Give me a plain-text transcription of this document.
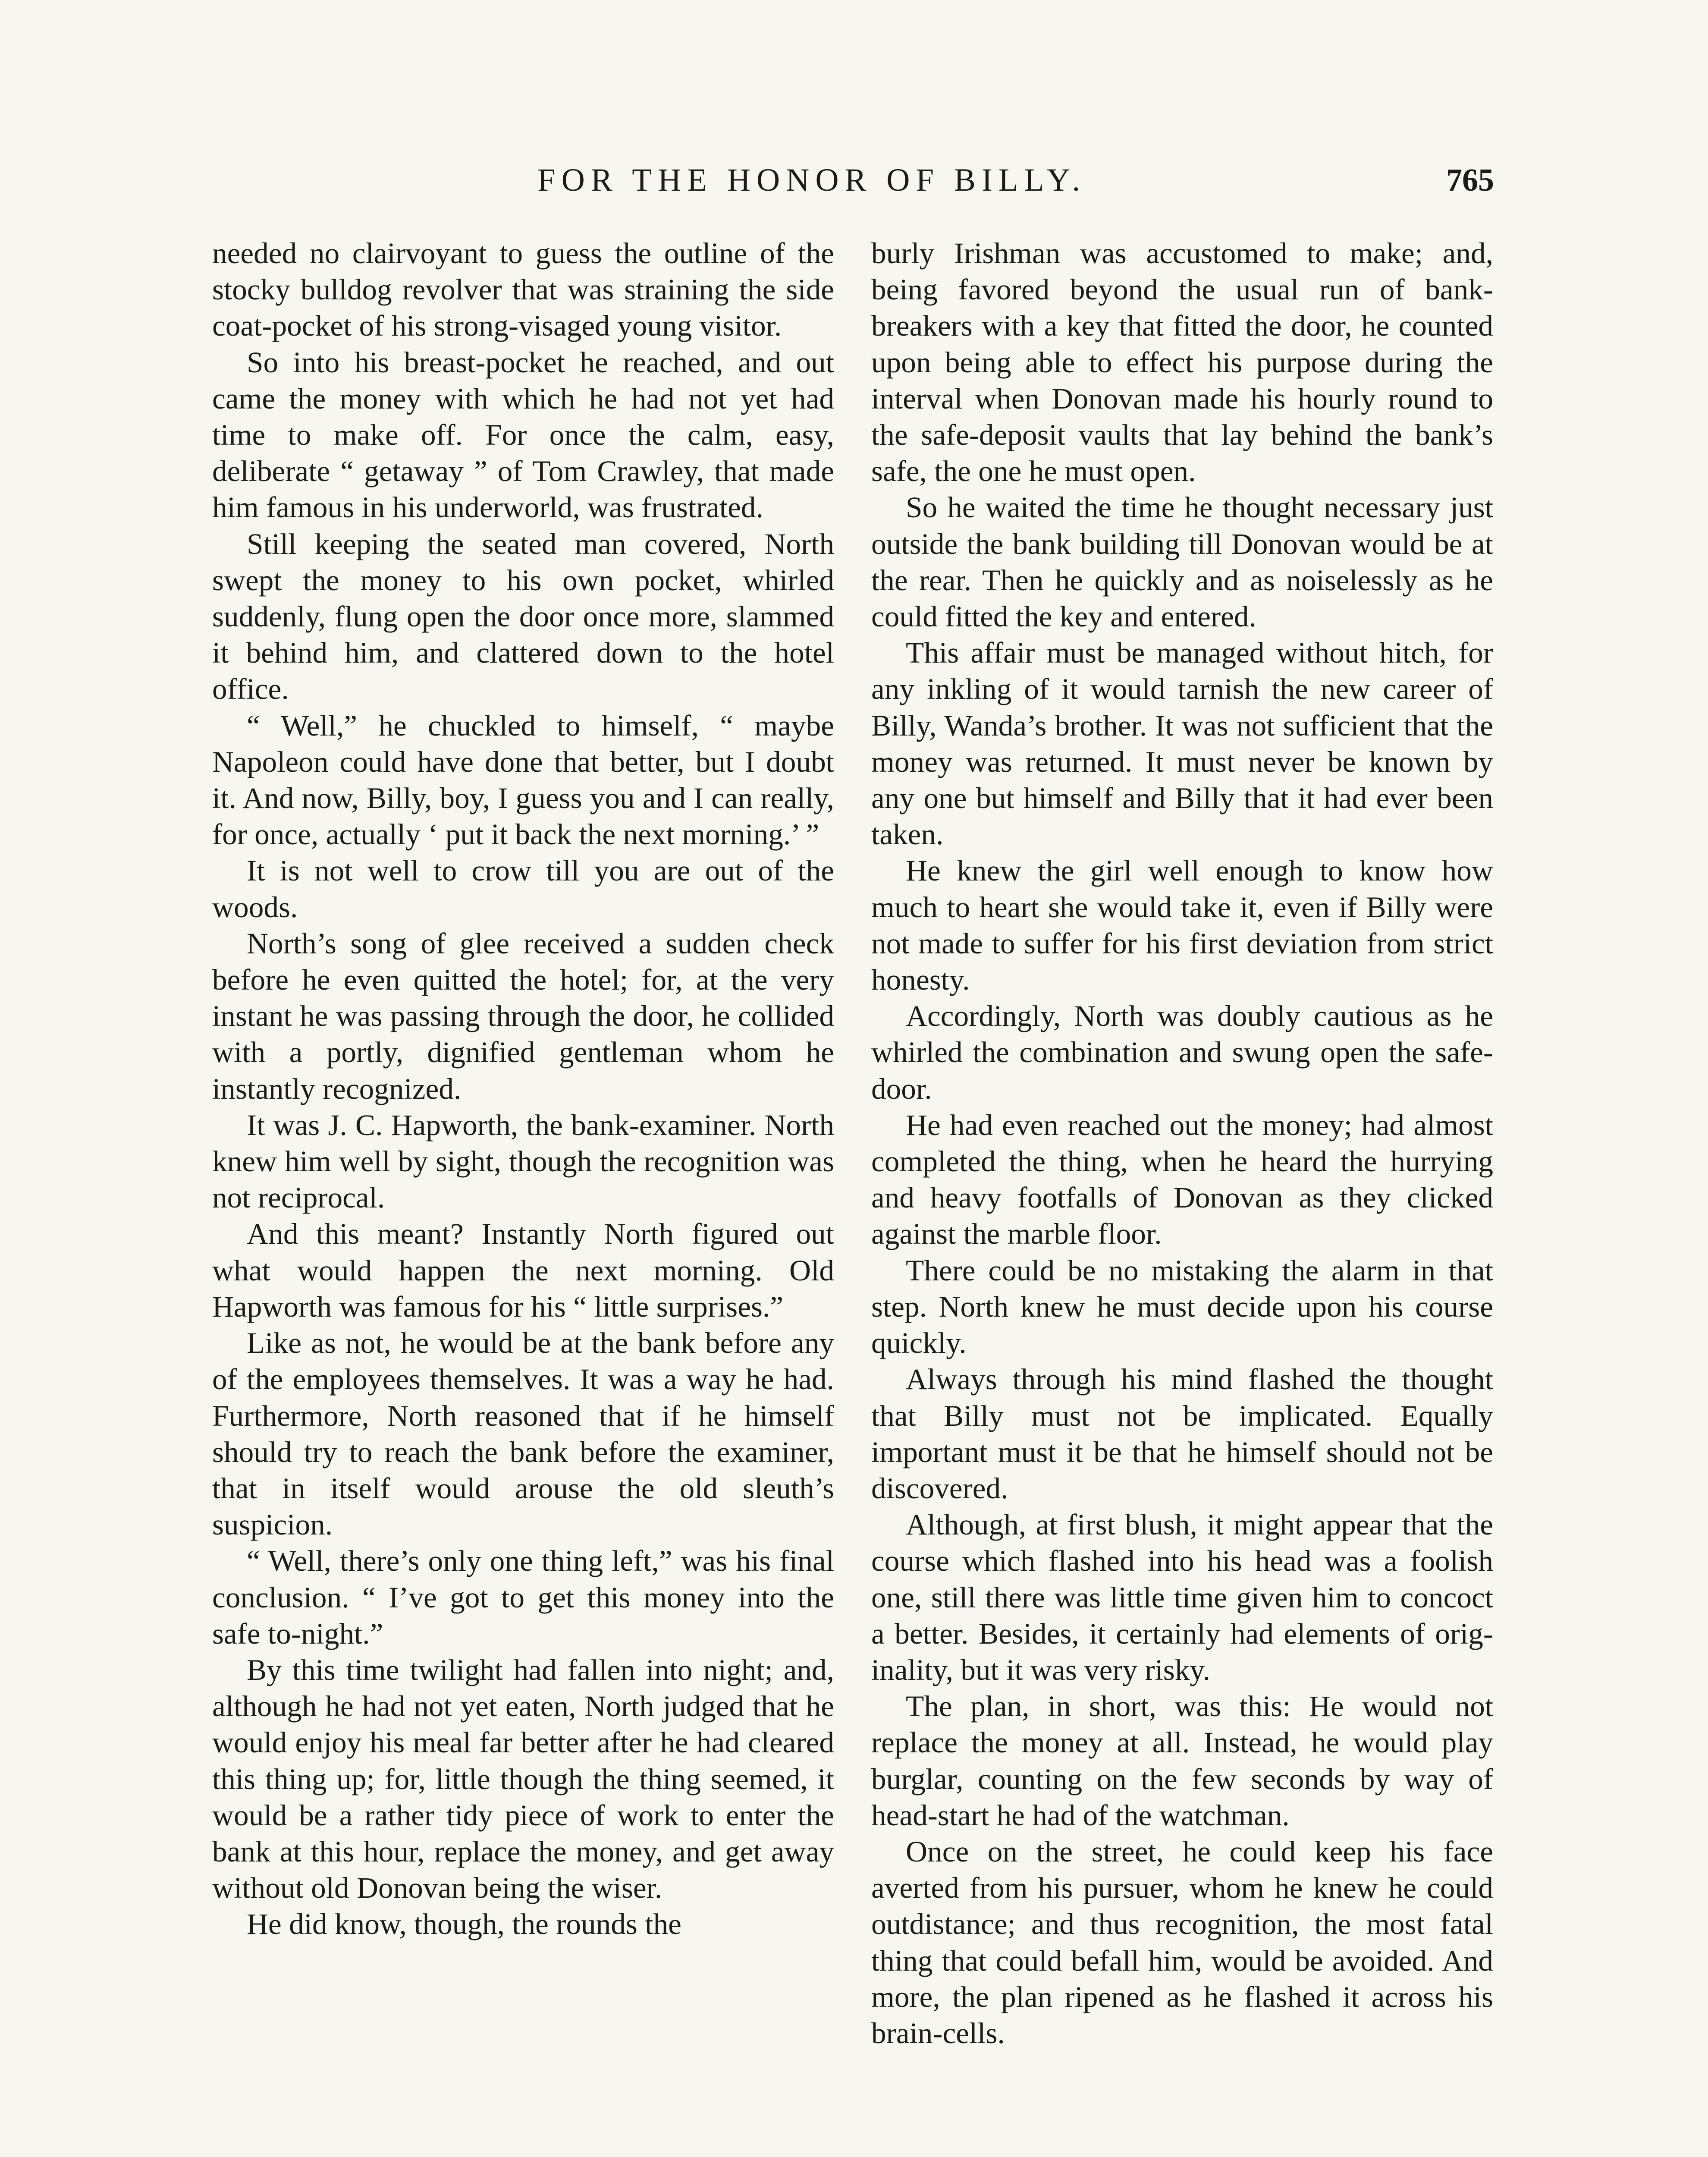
FOR THE HONOR OF BILLY.	765

needed no clairvoyant to guess the outline of the stocky bulldog revolver that was straining the side coat-pocket of his strong-visaged young visitor.

So into his breast-pocket he reached, and out came the money with which he had not yet had time to make off. For once the calm, easy, deliberate “ getaway ” of Tom Crawley, that made him famous in his underworld, was frustrated.

Still keeping the seated man covered, North swept the money to his own pocket, whirled suddenly, flung open the door once more, slammed it behind him, and clattered down to the hotel office.

“ Well,” he chuckled to himself, “ maybe Napoleon could have done that better, but I doubt it. And now, Billy, boy, I guess you and I can really, for once, actually ‘ put it back the next morning.’ ”

It is not well to crow till you are out of the woods.

North’s song of glee received a sudden check before he even quitted the hotel; for, at the very instant he was passing through the door, he collided with a portly, dignified gentleman whom he instantly recognized.

It was J. C. Hapworth, the bank-examiner. North knew him well by sight, though the recognition was not reciprocal.

And this meant? Instantly North figured out what would happen the next morning. Old Hapworth was famous for his “ little surprises.”

Like as not, he would be at the bank before any of the employees themselves. It was a way he had. Furthermore, North reasoned that if he himself should try to reach the bank before the examiner, that in itself would arouse the old sleuth’s suspicion.

“ Well, there’s only one thing left,” was his final conclusion. “ I’ve got to get this money into the safe to-night.”

By this time twilight had fallen into night; and, although he had not yet eaten, North judged that he would enjoy his meal far better after he had cleared this thing up; for, little though the thing seemed, it would be a rather tidy piece of work to enter the bank at this hour, replace the money, and get away without old Donovan being the wiser.

He did know, though, the rounds the

burly Irishman was accustomed to make; and, being favored beyond the usual run of bank-breakers with a key that fitted the door, he counted upon being able to effect his purpose during the interval when Donovan made his hourly round to the safe-deposit vaults that lay behind the bank’s safe, the one he must open.

So he waited the time he thought necessary just outside the bank building till Donovan would be at the rear. Then he quickly and as noiselessly as he could fitted the key and entered.

This affair must be managed without hitch, for any inkling of it would tarnish the new career of Billy, Wanda’s brother. It was not sufficient that the money was returned. It must never be known by any one but himself and Billy that it had ever been taken.

He knew the girl well enough to know how much to heart she would take it, even if Billy were not made to suffer for his first deviation from strict honesty.

Accordingly, North was doubly cautious as he whirled the combination and swung open the safe-door.

He had even reached out the money; had almost completed the thing, when he heard the hurrying and heavy footfalls of Donovan as they clicked against the marble floor.

There could be no mistaking the alarm in that step. North knew he must decide upon his course quickly.

Always through his mind flashed the thought that Billy must not be implicated. Equally important must it be that he himself should not be discovered.

Although, at first blush, it might appear that the course which flashed into his head was a foolish one, still there was little time given him to concoct a better. Besides, it certainly had elements of originality, but it was very risky.

The plan, in short, was this: He would not replace the money at all. Instead, he would play burglar, counting on the few seconds by way of head-start he had of the watchman.

Once on the street, he could keep his face averted from his pursuer, whom he knew he could outdistance; and thus recognition, the most fatal thing that could befall him, would be avoided. And more, the plan ripened as he flashed it across his brain-cells.
